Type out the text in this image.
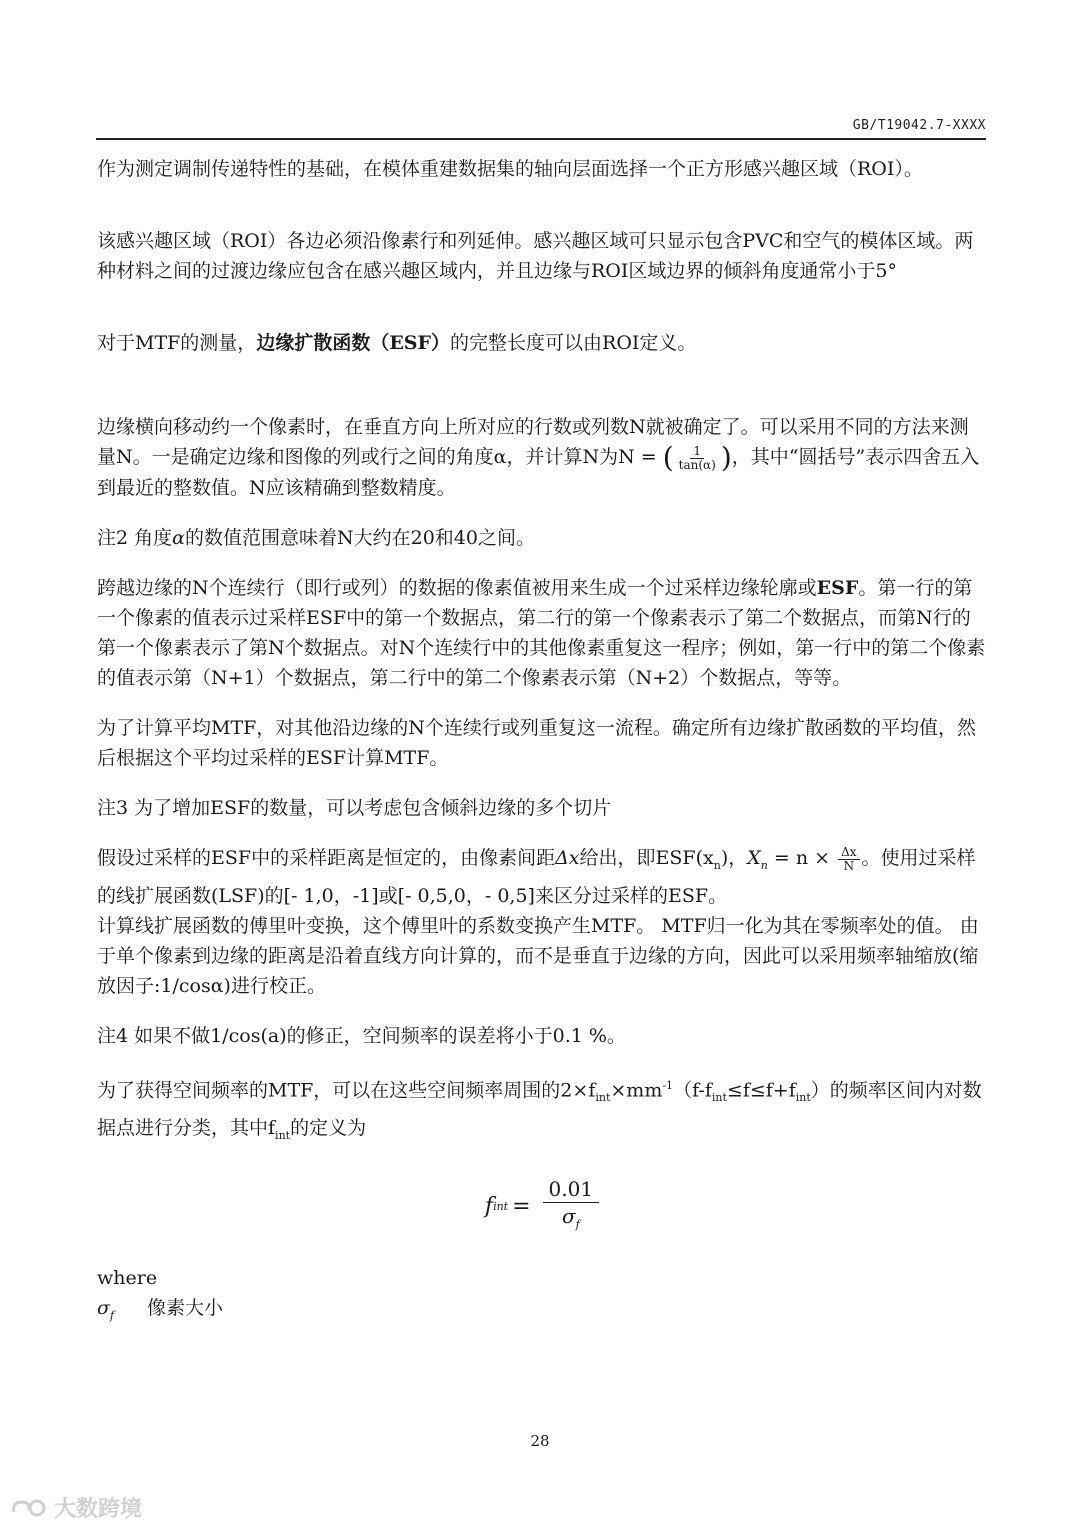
GB/T19042.7-XXXX

作为测定调制传递特性的基础，在模体重建数据集的轴向层面选择一个正方形感兴趣区域（ROI）。

该感兴趣区域（ROI）各边必须沿像素行和列延伸。感兴趣区域可只显示包含PVC和空气的模体区域。两种材料之间的过渡边缘应包含在感兴趣区域内，并且边缘与ROI区域边界的倾斜角度通常小于5°

对于MTF的测量，边缘扩散函数（ESF）的完整长度可以由ROI定义。

边缘横向移动约一个像素时，在垂直方向上所对应的行数或列数N就被确定了。可以采用不同的方法来测量N。一是确定边缘和图像的列或行之间的角度α，并计算N为N = ( $\frac{1}{\tan(\alpha)}$ )，其中“圆括号”表示四舍五入到最近的整数值。N应该精确到整数精度。

注2 角度α的数值范围意味着N大约在20和40之间。

跨越边缘的N个连续行（即行或列）的数据的像素值被用来生成一个过采样边缘轮廓或ESF。第一行的第一个像素的值表示过采样ESF中的第一个数据点，第二行的第一个像素表示了第二个数据点，而第N行的第一个像素表示了第N个数据点。对N个连续行中的其他像素重复这一程序；例如，第一行中的第二个像素的值表示第（N+1）个数据点，第二行中的第二个像素表示第（N+2）个数据点，等等。

为了计算平均MTF，对其他沿边缘的N个连续行或列重复这一流程。确定所有边缘扩散函数的平均值，然后根据这个平均过采样的ESF计算MTF。

注3 为了增加ESF的数量，可以考虑包含倾斜边缘的多个切片

假设过采样的ESF中的采样距离是恒定的，由像素间距Δx给出，即$ESF(x_n)$，$X_n = n \times \frac{\Delta x}{N}$ 。使用过采样的线扩展函数(LSF)的[- 1,0，-1]或[- 0,5,0，- 0,5]来区分过采样的ESF。

计算线扩展函数的傅里叶变换，这个傅里叶的系数变换产生MTF。 MTF归一化为其在零频率处的值。 由于单个像素到边缘的距离是沿着直线方向计算的，而不是垂直于边缘的方向，因此可以采用频率轴缩放(缩放因子:1/cosα)进行校正。

注4 如果不做1/cos(a)的修正，空间频率的误差将小于0.1 %。

为了获得空间频率的MTF，可以在这些空间频率周围的$2\times f_{int}\times mm^{-1}(f-f_{int}\le f\le f+f_{int})$的频率区间内对数据点进行分类，其中$f_{int}$的定义为

f int = $\frac{0.01}{\sigma_f}$

where

$\sigma_f$	像素大小
28
大数跨境
